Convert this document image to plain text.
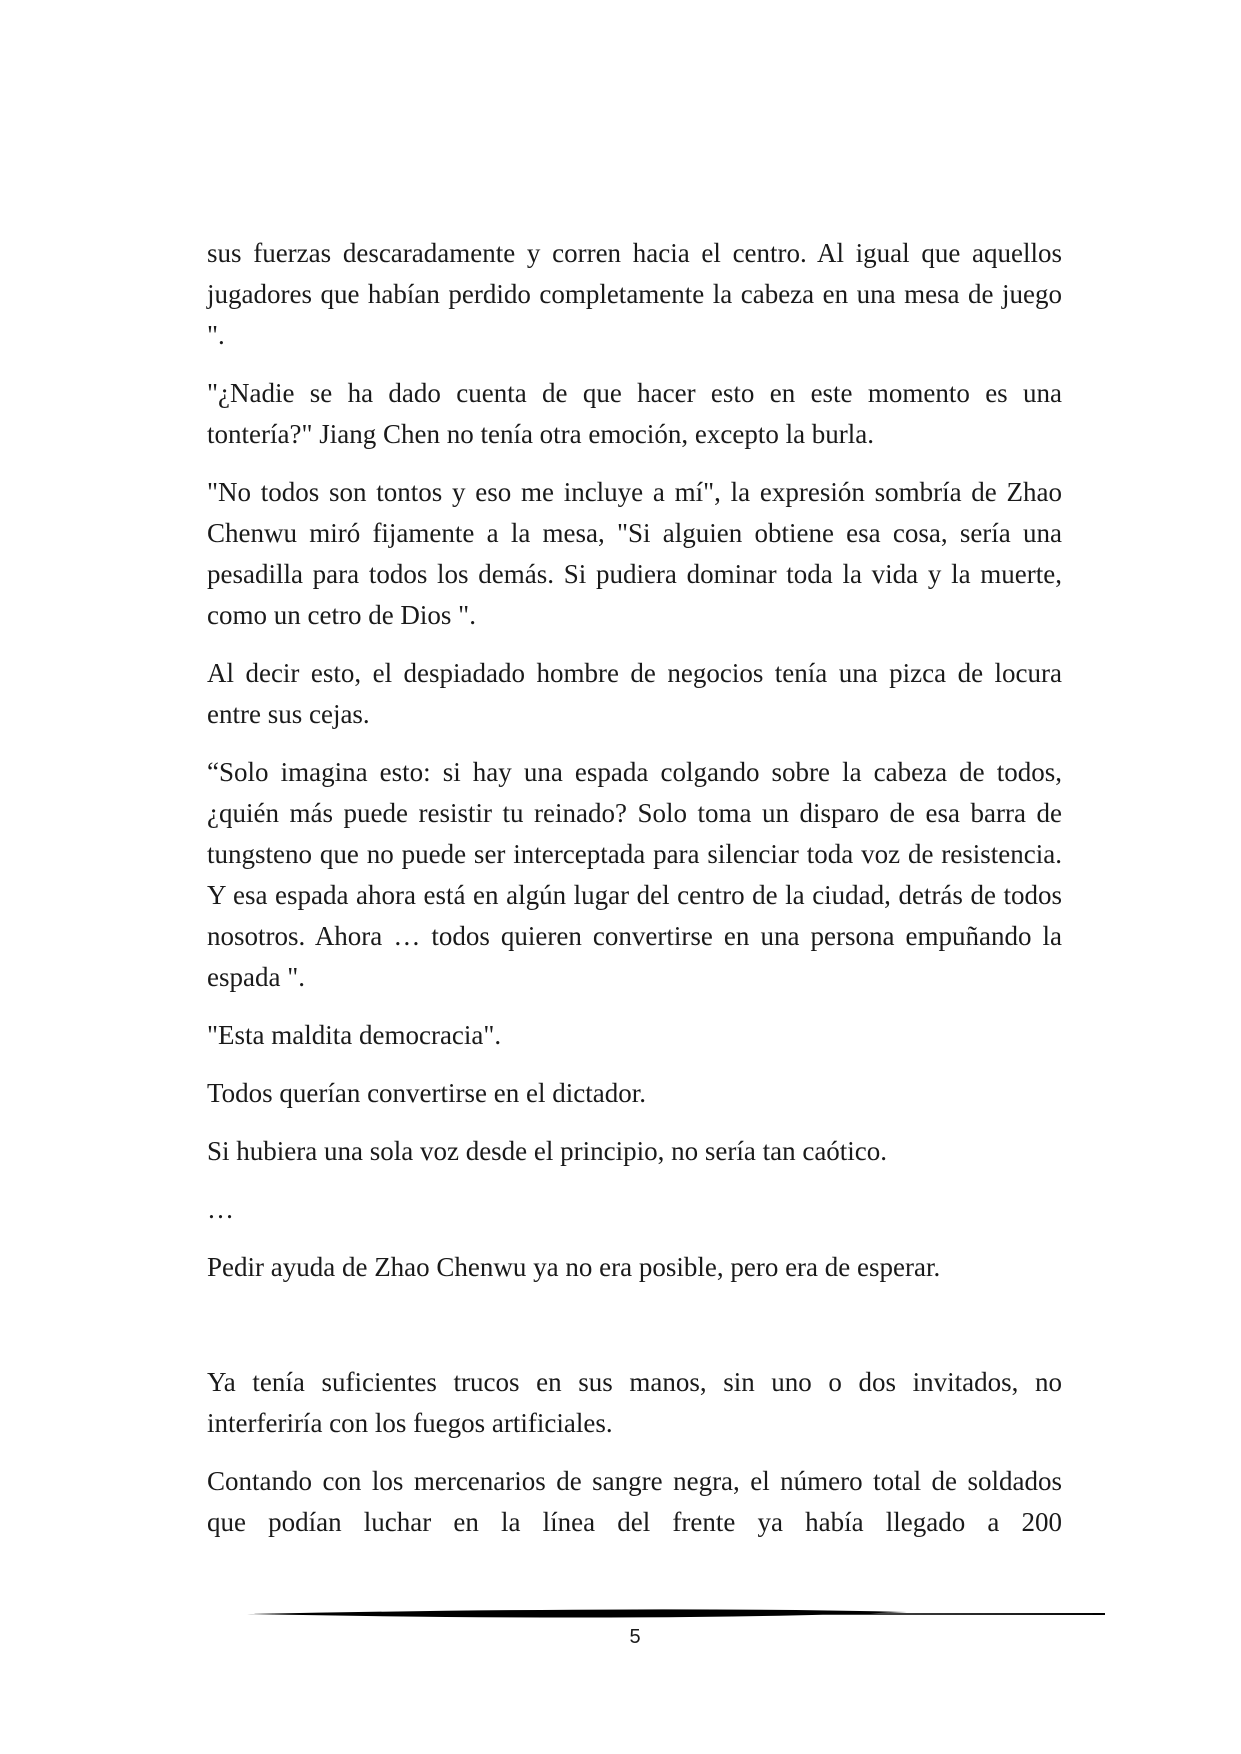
sus fuerzas descaradamente y corren hacia el centro. Al igual que aquellos jugadores que habían perdido completamente la cabeza en una mesa de juego ".

"¿Nadie se ha dado cuenta de que hacer esto en este momento es una tontería?" Jiang Chen no tenía otra emoción, excepto la burla.

"No todos son tontos y eso me incluye a mí", la expresión sombría de Zhao Chenwu miró fijamente a la mesa, "Si alguien obtiene esa cosa, sería una pesadilla para todos los demás. Si pudiera dominar toda la vida y la muerte, como un cetro de Dios ".

Al decir esto, el despiadado hombre de negocios tenía una pizca de locura entre sus cejas.

“Solo imagina esto: si hay una espada colgando sobre la cabeza de todos, ¿quién más puede resistir tu reinado? Solo toma un disparo de esa barra de tungsteno que no puede ser interceptada para silenciar toda voz de resistencia. Y esa espada ahora está en algún lugar del centro de la ciudad, detrás de todos nosotros. Ahora … todos quieren convertirse en una persona empuñando la espada ".

"Esta maldita democracia".

Todos querían convertirse en el dictador.

Si hubiera una sola voz desde el principio, no sería tan caótico.

…

Pedir ayuda de Zhao Chenwu ya no era posible, pero era de esperar.

Ya tenía suficientes trucos en sus manos, sin uno o dos invitados, no interferiría con los fuegos artificiales.

Contando con los mercenarios de sangre negra, el número total de soldados que podían luchar en la línea del frente ya había llegado a 200

5
